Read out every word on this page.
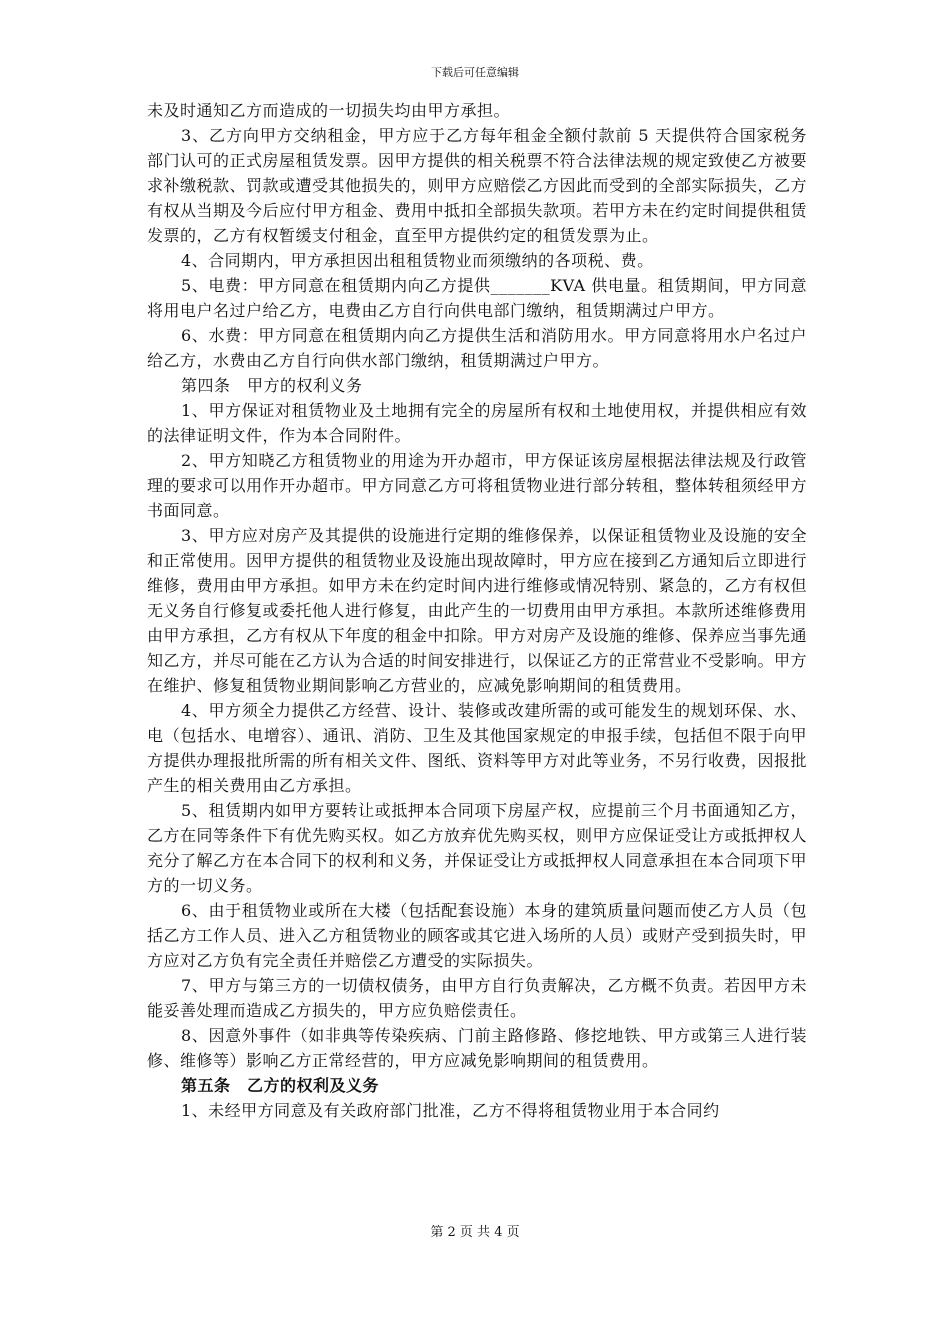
下载后可任意编辑

未及时通知乙方而造成的一切损失均由甲方承担。

3、乙方向甲方交纳租金，甲方应于乙方每年租金全额付款前 5 天提供符合国家税务部门认可的正式房屋租赁发票。因甲方提供的相关税票不符合法律法规的规定致使乙方被要求补缴税款、罚款或遭受其他损失的，则甲方应赔偿乙方因此而受到的全部实际损失，乙方有权从当期及今后应付甲方租金、费用中抵扣全部损失款项。若甲方未在约定时间提供租赁发票的，乙方有权暂缓支付租金，直至甲方提供约定的租赁发票为止。

4、合同期内，甲方承担因出租租赁物业而须缴纳的各项税、费。

5、电费：甲方同意在租赁期内向乙方提供_______KVA 供电量。租赁期间，甲方同意将用电户名过户给乙方，电费由乙方自行向供电部门缴纳，租赁期满过户甲方。

6、水费：甲方同意在租赁期内向乙方提供生活和消防用水。甲方同意将用水户名过户给乙方，水费由乙方自行向供水部门缴纳，租赁期满过户甲方。

第四条　甲方的权利义务

1、甲方保证对租赁物业及土地拥有完全的房屋所有权和土地使用权，并提供相应有效的法律证明文件，作为本合同附件。

2、甲方知晓乙方租赁物业的用途为开办超市，甲方保证该房屋根据法律法规及行政管理的要求可以用作开办超市。甲方同意乙方可将租赁物业进行部分转租，整体转租须经甲方书面同意。

3、甲方应对房产及其提供的设施进行定期的维修保养，以保证租赁物业及设施的安全和正常使用。因甲方提供的租赁物业及设施出现故障时，甲方应在接到乙方通知后立即进行维修，费用由甲方承担。如甲方未在约定时间内进行维修或情况特别、紧急的，乙方有权但无义务自行修复或委托他人进行修复，由此产生的一切费用由甲方承担。本款所述维修费用由甲方承担，乙方有权从下年度的租金中扣除。甲方对房产及设施的维修、保养应当事先通知乙方，并尽可能在乙方认为合适的时间安排进行，以保证乙方的正常营业不受影响。甲方在维护、修复租赁物业期间影响乙方营业的，应减免影响期间的租赁费用。

4、甲方须全力提供乙方经营、设计、装修或改建所需的或可能发生的规划环保、水、电（包括水、电增容）、通讯、消防、卫生及其他国家规定的申报手续，包括但不限于向甲方提供办理报批所需的所有相关文件、图纸、资料等甲方对此等业务，不另行收费，因报批产生的相关费用由乙方承担。

5、租赁期内如甲方要转让或抵押本合同项下房屋产权，应提前三个月书面通知乙方，乙方在同等条件下有优先购买权。如乙方放弃优先购买权，则甲方应保证受让方或抵押权人充分了解乙方在本合同下的权利和义务，并保证受让方或抵押权人同意承担在本合同项下甲方的一切义务。

6、由于租赁物业或所在大楼（包括配套设施）本身的建筑质量问题而使乙方人员（包括乙方工作人员、进入乙方租赁物业的顾客或其它进入场所的人员）或财产受到损失时，甲方应对乙方负有完全责任并赔偿乙方遭受的实际损失。

7、甲方与第三方的一切债权债务，由甲方自行负责解决，乙方概不负责。若因甲方未能妥善处理而造成乙方损失的，甲方应负赔偿责任。

8、因意外事件（如非典等传染疾病、门前主路修路、修挖地铁、甲方或第三人进行装修、维修等）影响乙方正常经营的，甲方应减免影响期间的租赁费用。

第五条　乙方的权利及义务

1、未经甲方同意及有关政府部门批准，乙方不得将租赁物业用于本合同约

第 2 页 共 4 页
